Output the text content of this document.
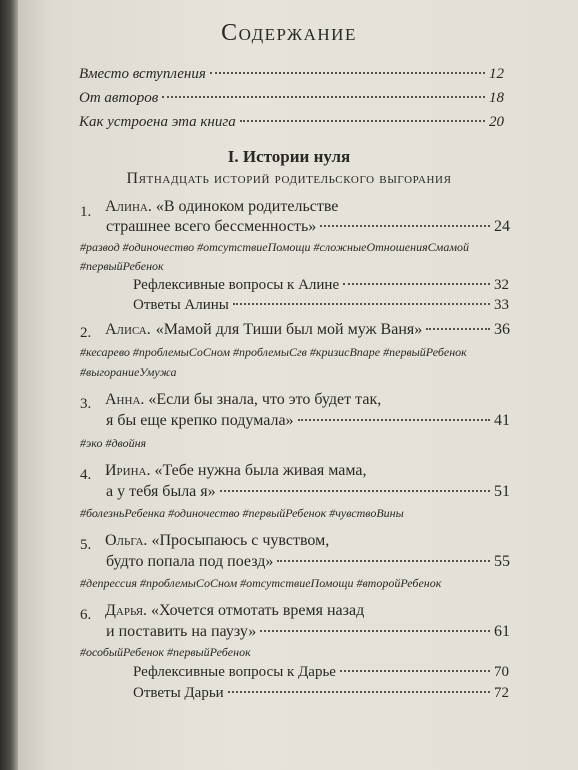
Содержание
Вместо вступления	12
От авторов	18
Как устроена эта книга	20
I. Истории нуля
Пятнадцать историй родительского выгорания
1. Алина. «В одиноком родительстве
страшнее всего бессменность»	24
#развод #одиночество #отсутствиеПомощи #сложныеОтношенияСмамой
#первыйРебенок
Рефлексивные вопросы к Алине	32
Ответы Алины	33
2. Алиса. «Мамой для Тиши был мой муж Ваня»	36
#кесарево #проблемыСоСном #проблемыСгв #кризисВпаре #первыйРебенок
#выгораниеУмужа
3. Анна. «Если бы знала, что это будет так,
я бы еще крепко подумала»	41
#эко #двойня
4. Ирина. «Тебе нужна была живая мама,
а у тебя была я»	51
#болезньРебенка #одиночество #первыйРебенок #чувствоВины
5. Ольга. «Просыпаюсь с чувством,
будто попала под поезд»	55
#депрессия #проблемыСоСном #отсутствиеПомощи #второйРебенок
6. Дарья. «Хочется отмотать время назад
и поставить на паузу»	61
#особыйРебенок #первыйРебенок
Рефлексивные вопросы к Дарье	70
Ответы Дарьи	72
